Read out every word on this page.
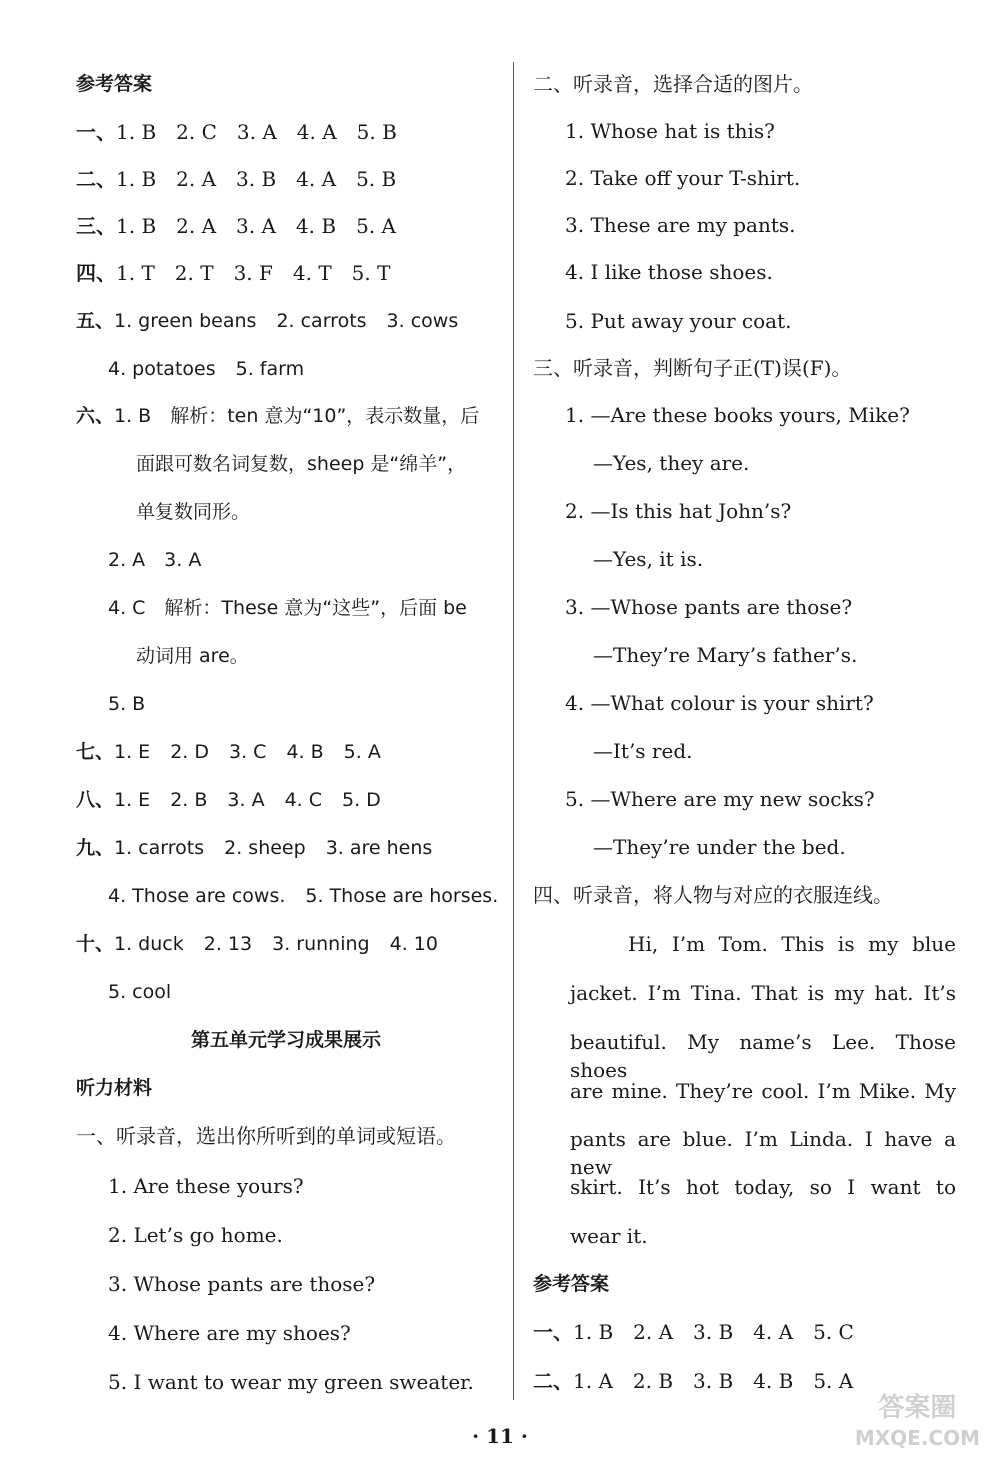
参考答案
一、1. B 2. C 3. A 4. A 5. B
二、1. B 2. A 3. B 4. A 5. B
三、1. B 2. A 3. A 4. B 5. A
四、1. T 2. T 3. F 4. T 5. T
五、1. green beans 2. carrots 3. cows
4. potatoes 5. farm
六、1. B　解析：ten 意为“10”，表示数量，后
面跟可数名词复数，sheep 是“绵羊”，
单复数同形。
2. A　3. A
4. C　解析：These 意为“这些”，后面 be
动词用 are。
5. B
七、1. E 2. D 3. C 4. B 5. A
八、1. E 2. B 3. A 4. C 5. D
九、1. carrots 2. sheep 3. are hens
4. Those are cows. 5. Those are horses.
十、1. duck 2. 13 3. running 4. 10
5. cool
第五单元学习成果展示
听力材料
一、听录音，选出你所听到的单词或短语。
1. Are these yours?
2. Let’s go home.
3. Whose pants are those?
4. Where are my shoes?
5. I want to wear my green sweater.
二、听录音，选择合适的图片。
1. Whose hat is this?
2. Take off your T-shirt.
3. These are my pants.
4. I like those shoes.
5. Put away your coat.
三、听录音，判断句子正(T)误(F)。
1. —Are these books yours, Mike?
—Yes, they are.
2. —Is this hat John’s?
—Yes, it is.
3. —Whose pants are those?
—They’re Mary’s father’s.
4. —What colour is your shirt?
—It’s red.
5. —Where are my new socks?
—They’re under the bed.
四、听录音，将人物与对应的衣服连线。
Hi, I’m Tom. This is my blue
jacket. I’m Tina. That is my hat. It’s
beautiful. My name’s Lee. Those shoes
are mine. They’re cool. I’m Mike. My
pants are blue. I’m Linda. I have a new
skirt. It’s hot today, so I want to
wear it.
参考答案
一、1. B 2. A 3. B 4. A 5. C
二、1. A 2. B 3. B 4. B 5. A
· 11 ·
答案圈
MXQE.COM
